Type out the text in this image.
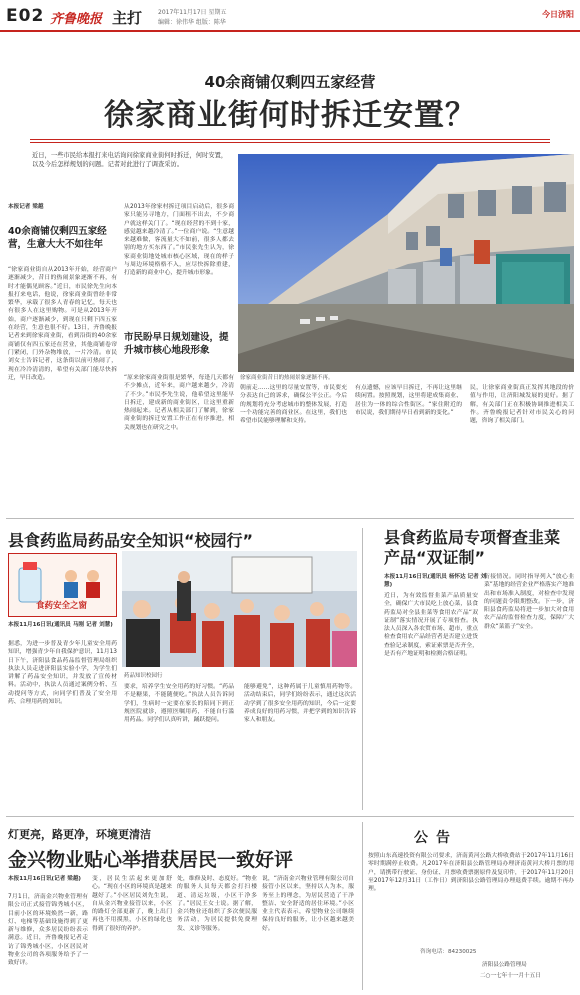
E02 齐鲁晚报 主打	2017年11月17日 星期五
编辑：徐伟华 组版：陈华
今日济阳
40余商铺仅剩四五家经营
徐家商业街何时拆迁安置？
近日，一些市民给本报打来电话询问徐家商业街何时拆迁，何时安置，以及今后怎样规划的问题。记者对此进行了调查采访。
徐家商业街昔日的热闹景象逐渐不再。
本报记者 梁越
40余商铺仅剩四五家经营，生意大大不如往年
“徐家商业街自从2013年开始，经营商户逐渐减少，昔日的热闹景象逐渐不再，有时才能偶见顾客。”近日，市民徐先生向本报打来电话，他说，徐家商业街曾经非常繁华，承载了很多人青春的记忆，每天也有很多人在这里购物。可是从2013年开始，商户逐渐减少，到现在只剩下四五家在经营，生意也很不好。13日，齐鲁晚报记者来到徐家商业街，看到沿街的40余家商铺仅有四五家还在营业，其他商铺卷帘门紧闭，门外杂物堆放，一片冷清。市民刘女士告诉记者，这条街以前可热闹了，现在冷冷清清的，希望有关部门能尽快拆迁，早日改造。
从2013年徐家村拆迁项目启动后，很多商家只能另寻地方，门面租不出去，不少商户就这样关门了。“现在经营的不到十家，感觉越来越冷清了。”一位商户说。“生意越来越难做，客流量大不如前，很多人都去别的地方买东西了。”市民张先生认为，徐家商业街地处城市核心区域，现在的样子与周边环境格格不入，应尽快拆除重建，打造新的商业中心，提升城市形象。
市民盼早日规划建设，提升城市核心地段形象
“原来徐家商业街很是繁华，每逢几天都有不少摊点，近年来，商户越来越少，冷清了不少。”市民李先生说，他希望这里能早日拆迁，建成新的商业街区，让这里重新热闹起来。记者从相关部门了解到，徐家商业街的拆迁安置工作正在有序推进，相关规划也在研究之中。
朝前走……这里的尽量安置等，市民要充分表达自己的诉求，确保公平公正。今后的规划将充分考虑城市的整体发展，打造一个功能完善的商业区。在这里，我们也希望市民能够理解和支持。
有点遗憾，应该早日拆迁，不再让这里继续闲置。按照规划，这里将建成集商业、居住为一体的综合性街区。“家住附近的市民说，我们期待早日看到新的变化。”
民，让徐家商业街真正发挥其地段的价值与作用，让济阳城发展的更好。据了解，有关部门正在积极协调推进相关工作。齐鲁晚报记者针对市民关心的问题，咨询了相关部门。
县食药监局药品安全知识“校园行”
食药安全之窗
本报11月16日讯(通讯员 马刚 记者 刘慧)
据悉，为进一步普及青少年儿童安全用药知识，增强青少年自我保护意识，11月13日下午，济阳县食品药品监督管理局组织执法人员走进济阳县实验小学，为学生们讲解了药品安全知识，并发放了宣传材料。活动中，执法人员通过案例分析、互动提问等方式，向同学们普及了安全用药、合理用药的知识。
药品知识校园行
要求，培养学生安全用药的好习惯。“药品不是糖果，不能随便吃。”执法人员告诉同学们，生病时一定要在家长的陪同下到正规医院就诊，遵照医嘱用药，不能自行滥用药品。同学们认真听讲，踊跃提问。
能够避免”，这种药属于儿童慎用药物等。活动结束后，同学们纷纷表示，通过这次活动学到了很多安全用药的知识，今后一定要养成良好的用药习惯，并把学到的知识告诉家人和朋友。
县食药监局专项督查韭菜产品“双证制”
本报11月16日讯(通讯员 杨怀达 记者 刘慧)
近日，为有效监督韭菜产品质量安全，确保广大市民吃上放心菜，县食药监局对全县韭菜等食用农产品“双证制”落实情况开展了专项督查。执法人员深入各农贸市场、超市，重点检查食用农产品经营者是否建立进货查验记录制度，索证索票是否齐全，是否有产地证明和检测合格证明。
衔接情况。同时指导列入“放心韭菜”基地的经营企业严格落实产地准出和市场准入制度，对检查中发现的问题责令限期整改。下一步，济阳县食药监局将进一步加大对食用农产品的监督检查力度，保障广大群众“菜篮子”安全。
灯更亮，路更净，环境更清洁
金兴物业贴心举措获居民一致好评
本报11月16日讯(记者 梁越)
7月1日，济南金兴物业管理有限公司正式接管锦秀城小区，目前小区的环境焕然一新，路灯、电梯等基础设施得到了更新与维修，众多居民纷纷表示满意。近日，齐鲁晚报记者走访了锦秀城小区，小区居民对物业公司的各项服务给予了一致好评。
变，居民生活起来更加舒心。“现在小区的环境真是越来越好了。”小区居民刘先生说，自从金兴物业接管以来，小区的路灯全部更新了，晚上出门再也不用摸黑，小区的绿化也得到了很好的养护。
处，维修及时、态度好。“物业的服务人员每天都会打扫楼道、清运垃圾，小区干净多了。”居民王女士说。据了解，金兴物业还组织了多次便民服务活动，为居民提供免费理发、义诊等服务。
说，“济南金兴物业管理有限公司自接管小区以来，坚持以人为本，服务至上的理念，为居民营造了干净整洁、安全舒适的居住环境。”小区业主代表表示，希望物业公司继续保持良好的服务，让小区越来越美好。
公告
按照山东高速投资有限公司要求，济南黄河公路大桥收费站于2017年11月16日零时期满停止收费。凡2017年在济阳县公路管理局办理济南黄河大桥月票的用户，请携带行驶证、身份证、月票收费票据原件及复印件，于2017年11月20日至2017年12月31日（工作日）到济阳县公路管理局办理退费手续。逾期不再办理。
咨询电话：84230025
济阳县公路管理局
二○一七年十一月十五日
